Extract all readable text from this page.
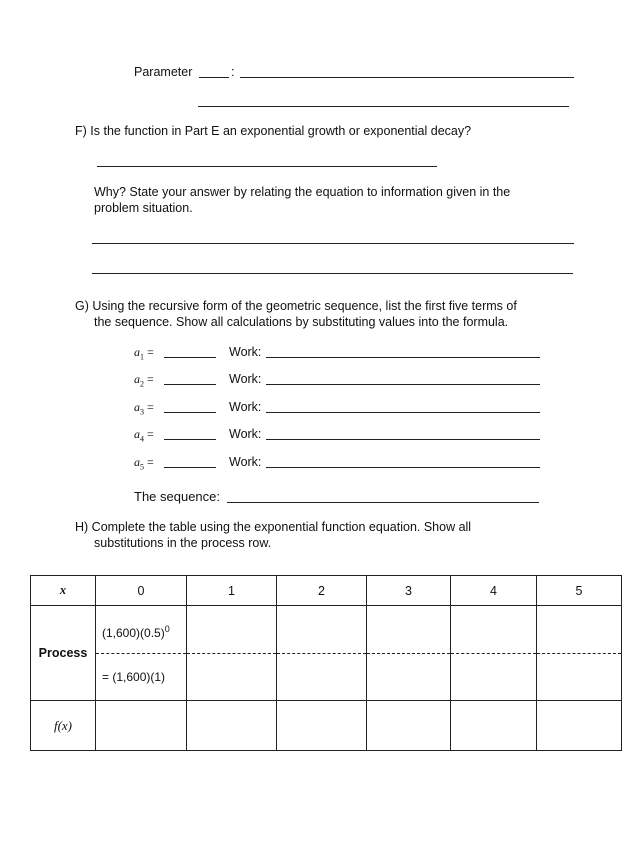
Parameter	:
F) Is the function in Part E an exponential growth or exponential decay?
Why? State your answer by relating the equation to information given in the
problem situation.
G) Using the recursive form of the geometric sequence, list the first five terms of
the sequence. Show all calculations by substituting values into the formula.
$a_1$ =	Work:
$a_2$ =	Work:
$a_3$ =	Work:
$a_4$ =	Work:
$a_5$ =	Work:
The sequence:
H) Complete the table using the exponential function equation. Show all
substitutions in the process row.
x	0	1	2	3	4	5
Process	$(1,600)(0.5)^0$
= (1,600)(1)					

f(x)						
